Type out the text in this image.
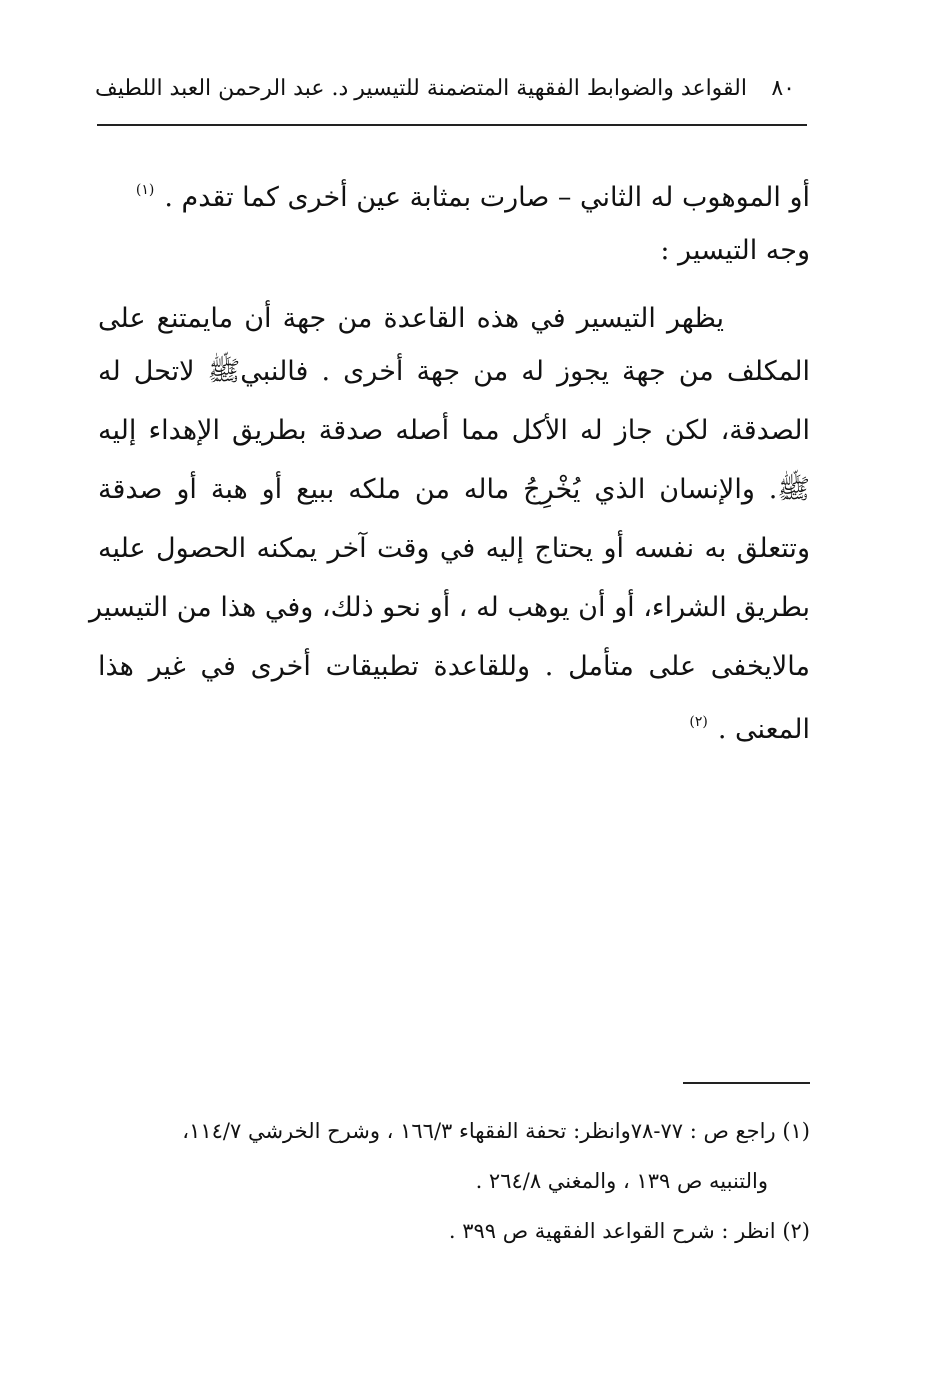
٨٠
القواعد والضوابط الفقهية المتضمنة للتيسير
د. عبد الرحمن العبد اللطيف
أو الموهوب له الثاني – صارت بمثابة عين أخرى كما تقدم .$^{(١)}$
وجه التيسير :
يظهر التيسير في هذه القاعدة من جهة أن مايمتنع على
المكلف من جهة يجوز له من جهة أخرى . فالنبيﷺ لاتحل له
الصدقة، لكن جاز له الأكل مما أصله صدقة بطريق الإهداء إليه
ﷺ. والإنسان الذي يُخْرِجُ ماله من ملكه ببيع أو هبة أو صدقة
وتتعلق به نفسه أو يحتاج إليه في وقت آخر يمكنه الحصول عليه
بطريق الشراء، أو أن يوهب له ، أو نحو ذلك، وفي هذا من التيسير
مالايخفى على متأمل . وللقاعدة تطبيقات أخرى في غير هذا
المعنى .$^{(٢)}$
(١) راجع ص : ٧٧-٧٨وانظر: تحفة الفقهاء ١٦٦/٣ ، وشرح الخرشي ١١٤/٧،
والتنبيه ص ١٣٩ ، والمغني ٢٦٤/٨ .
(٢) انظر : شرح القواعد الفقهية ص ٣٩٩ .
